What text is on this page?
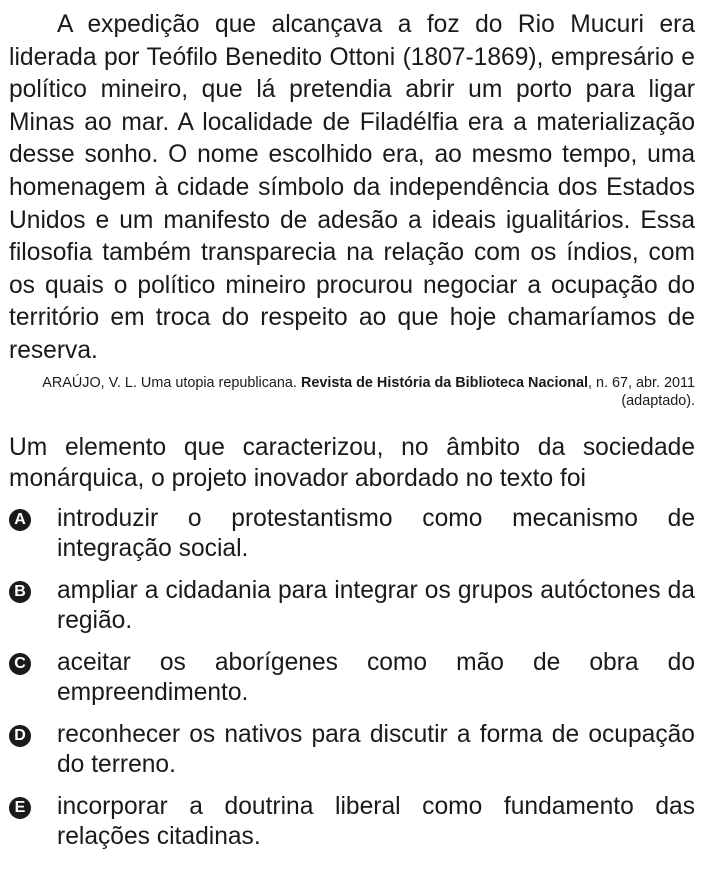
A expedição que alcançava a foz do Rio Mucuri era liderada por Teófilo Benedito Ottoni (1807-1869), empresário e político mineiro, que lá pretendia abrir um porto para ligar Minas ao mar. A localidade de Filadélfia era a materialização desse sonho. O nome escolhido era, ao mesmo tempo, uma homenagem à cidade símbolo da independência dos Estados Unidos e um manifesto de adesão a ideais igualitários. Essa filosofia também transparecia na relação com os índios, com os quais o político mineiro procurou negociar a ocupação do território em troca do respeito ao que hoje chamaríamos de reserva.

ARAÚJO, V. L. Uma utopia republicana. Revista de História da Biblioteca Nacional, n. 67, abr. 2011 (adaptado).

Um elemento que caracterizou, no âmbito da sociedade monárquica, o projeto inovador abordado no texto foi

A introduzir o protestantismo como mecanismo de integração social.
B ampliar a cidadania para integrar os grupos autóctones da região.
C aceitar os aborígenes como mão de obra do empreendimento.
D reconhecer os nativos para discutir a forma de ocupação do terreno.
E incorporar a doutrina liberal como fundamento das relações citadinas.
